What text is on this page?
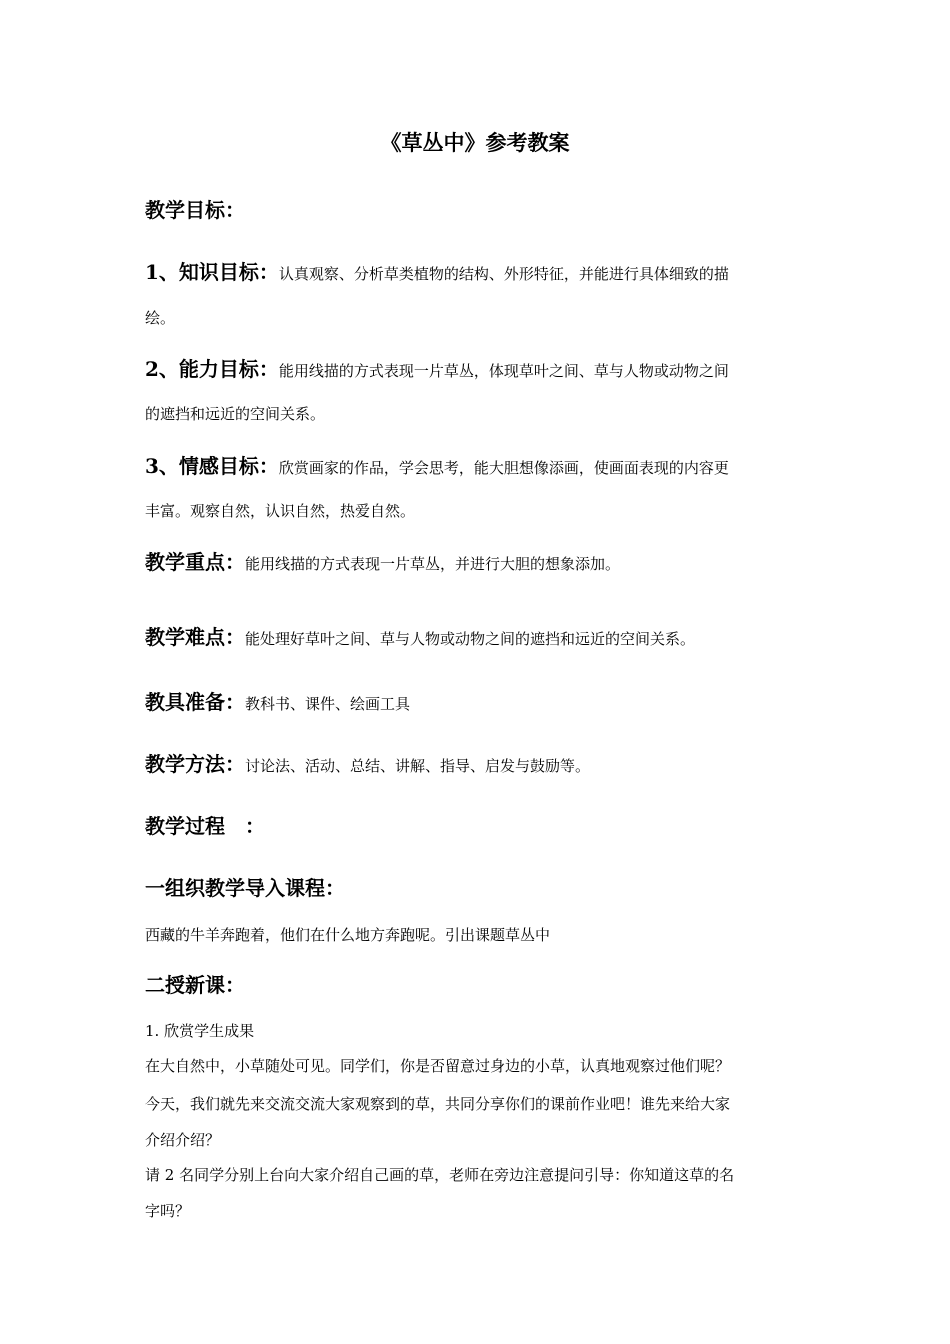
《草丛中》参考教案
教学目标：
1、知识目标：认真观察、分析草类植物的结构、外形特征，并能进行具体细致的描
绘。
2、能力目标：能用线描的方式表现一片草丛，体现草叶之间、草与人物或动物之间
的遮挡和远近的空间关系。
3、情感目标：欣赏画家的作品，学会思考，能大胆想像添画，使画面表现的内容更
丰富。观察自然，认识自然，热爱自然。
教学重点：能用线描的方式表现一片草丛，并进行大胆的想象添加。
教学难点：能处理好草叶之间、草与人物或动物之间的遮挡和远近的空间关系。
教具准备：教科书、课件、绘画工具
教学方法：讨论法、活动、总结、讲解、指导、启发与鼓励等。
教学过程　：
一组织教学导入课程：
西藏的牛羊奔跑着，他们在什么地方奔跑呢。引出课题草丛中
二授新课：
1. 欣赏学生成果
在大自然中，小草随处可见。同学们，你是否留意过身边的小草，认真地观察过他们呢？
今天，我们就先来交流交流大家观察到的草，共同分享你们的课前作业吧！谁先来给大家
介绍介绍？
请 2 名同学分别上台向大家介绍自己画的草，老师在旁边注意提问引导：你知道这草的名
字吗？
